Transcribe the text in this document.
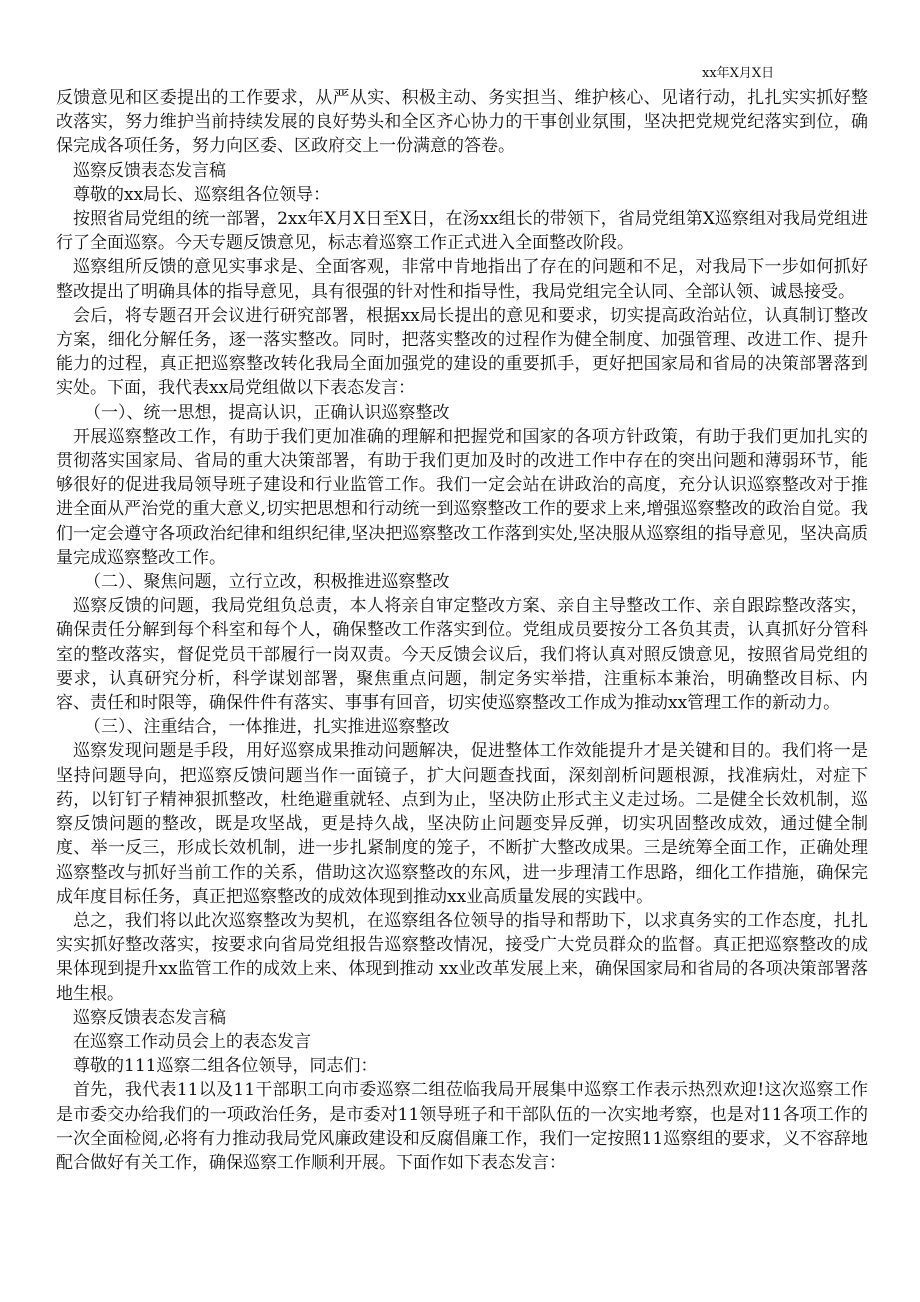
xx年X月X日

反馈意见和区委提出的工作要求，从严从实、积极主动、务实担当、维护核心、见诸行动，扎扎实实抓好整改落实，努力维护当前持续发展的良好势头和全区齐心协力的干事创业氛围，坚决把党规党纪落实到位，确保完成各项任务，努力向区委、区政府交上一份满意的答卷。

巡察反馈表态发言稿

尊敬的xx局长、巡察组各位领导：

按照省局党组的统一部署，2xx年X月X日至X日，在汤xx组长的带领下，省局党组第X巡察组对我局党组进行了全面巡察。今天专题反馈意见，标志着巡察工作正式进入全面整改阶段。

巡察组所反馈的意见实事求是、全面客观，非常中肯地指出了存在的问题和不足，对我局下一步如何抓好整改提出了明确具体的指导意见，具有很强的针对性和指导性，我局党组完全认同、全部认领、诚恳接受。

会后，将专题召开会议进行研究部署，根据xx局长提出的意见和要求，切实提高政治站位，认真制订整改方案，细化分解任务，逐一落实整改。同时，把落实整改的过程作为健全制度、加强管理、改进工作、提升能力的过程，真正把巡察整改转化我局全面加强党的建设的重要抓手，更好把国家局和省局的决策部署落到实处。下面，我代表xx局党组做以下表态发言：

（一）、统一思想，提高认识，正确认识巡察整改

开展巡察整改工作，有助于我们更加准确的理解和把握党和国家的各项方针政策，有助于我们更加扎实的贯彻落实国家局、省局的重大决策部署，有助于我们更加及时的改进工作中存在的突出问题和薄弱环节，能够很好的促进我局领导班子建设和行业监管工作。我们一定会站在讲政治的高度，充分认识巡察整改对于推进全面从严治党的重大意义,切实把思想和行动统一到巡察整改工作的要求上来,增强巡察整改的政治自觉。我们一定会遵守各项政治纪律和组织纪律,坚决把巡察整改工作落到实处,坚决服从巡察组的指导意见，坚决高质量完成巡察整改工作。

（二）、聚焦问题，立行立改，积极推进巡察整改

巡察反馈的问题，我局党组负总责，本人将亲自审定整改方案、亲自主导整改工作、亲自跟踪整改落实，确保责任分解到每个科室和每个人，确保整改工作落实到位。党组成员要按分工各负其责，认真抓好分管科室的整改落实，督促党员干部履行一岗双责。今天反馈会议后，我们将认真对照反馈意见，按照省局党组的要求，认真研究分析，科学谋划部署，聚焦重点问题，制定务实举措，注重标本兼治，明确整改目标、内容、责任和时限等，确保件件有落实、事事有回音，切实使巡察整改工作成为推动xx管理工作的新动力。

（三）、注重结合，一体推进，扎实推进巡察整改

巡察发现问题是手段，用好巡察成果推动问题解决，促进整体工作效能提升才是关键和目的。我们将一是坚持问题导向，把巡察反馈问题当作一面镜子，扩大问题查找面，深刻剖析问题根源，找准病灶，对症下药，以钉钉子精神狠抓整改，杜绝避重就轻、点到为止，坚决防止形式主义走过场。二是健全长效机制，巡察反馈问题的整改，既是攻坚战，更是持久战，坚决防止问题变异反弹，切实巩固整改成效，通过健全制度、举一反三，形成长效机制，进一步扎紧制度的笼子，不断扩大整改成果。三是统筹全面工作，正确处理巡察整改与抓好当前工作的关系，借助这次巡察整改的东风，进一步理清工作思路，细化工作措施，确保完成年度目标任务，真正把巡察整改的成效体现到推动xx业高质量发展的实践中。

总之，我们将以此次巡察整改为契机，在巡察组各位领导的指导和帮助下，以求真务实的工作态度，扎扎实实抓好整改落实，按要求向省局党组报告巡察整改情况，接受广大党员群众的监督。真正把巡察整改的成果体现到提升xx监管工作的成效上来、体现到推动 xx业改革发展上来，确保国家局和省局的各项决策部署落地生根。

巡察反馈表态发言稿

在巡察工作动员会上的表态发言

尊敬的111巡察二组各位领导，同志们：

首先，我代表11以及11干部职工向市委巡察二组莅临我局开展集中巡察工作表示热烈欢迎!这次巡察工作是市委交办给我们的一项政治任务，是市委对11领导班子和干部队伍的一次实地考察，也是对11各项工作的一次全面检阅,必将有力推动我局党风廉政建设和反腐倡廉工作，我们一定按照11巡察组的要求，义不容辞地配合做好有关工作，确保巡察工作顺利开展。下面作如下表态发言：
